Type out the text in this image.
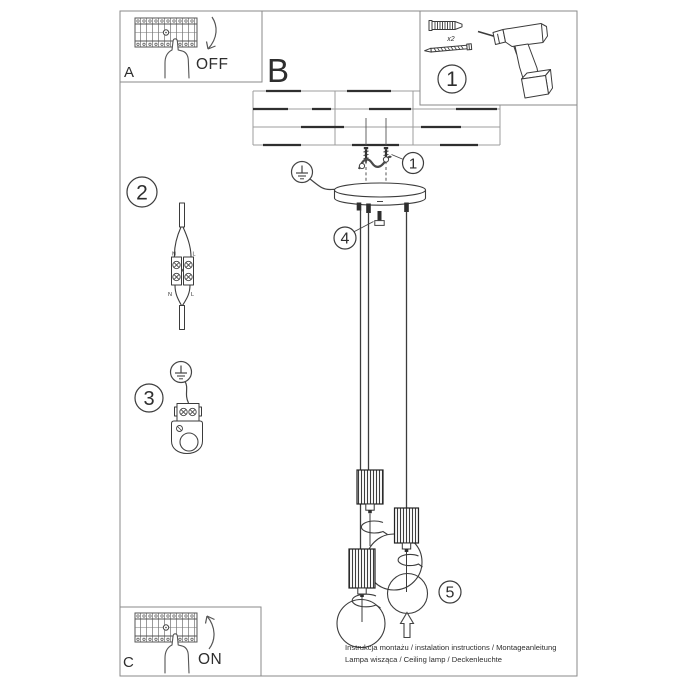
1
4
5
A	OFF B
x2
1
2
N	L
N	L
3
C	ON
Instrukcja montażu / instalation instructions / Montageanleitung
Lampa wisząca / Ceiling lamp / Deckenleuchte
